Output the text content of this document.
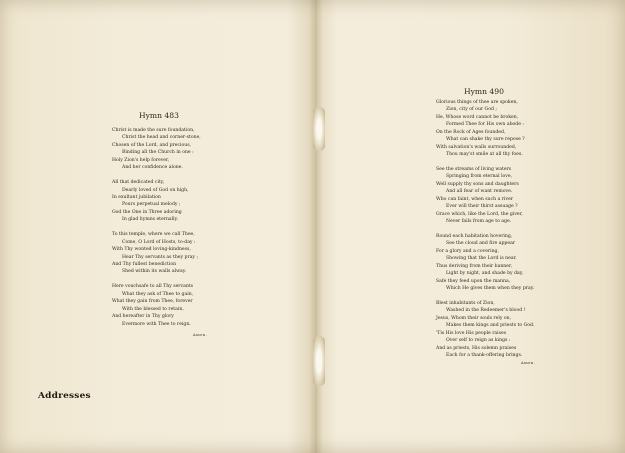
Hymn 483
Christ is made the sure foundation,
Christ the head and corner-stone,
Chosen of the Lord, and precious,
Binding all the Church in one :
Holy Zion's help forever,
And her confidence alone.
All that dedicated city,
Dearly loved of God on high,
In exultant jubilation
Pours perpetual melody ;
God the One in Three adoring
In glad hymns eternally.
To this temple, where we call Thee,
Come, O Lord of Hosts, to-day :
With Thy wonted loving-kindness,
Hear Thy servants as they pray ;
And Thy fullest benediction
Shed within its walls alway.
Here vouchsafe to all Thy servants
What they ask of Thee to gain,
What they gain from Thee, forever
With the blessed to retain,
And hereafter in Thy glory
Evermore with Thee to reign.
Amen.
Addresses
Hymn 490
Glorious things of thee are spoken,
Zion, city of our God ;
He, Whose word cannot be broken,
Formed Thee for His own abode :
On the Rock of Ages founded,
What can shake thy sure repose ?
With salvation's walls surrounded,
Thou may'st smile at all thy foes.
See the streams of living waters
Springing from eternal love,
Well supply thy sons and daughters
And all fear of want remove.
Who can faint, when such a river
Ever will their thirst assuage ?
Grace which, like the Lord, the giver,
Never fails from age to age.
Round each habitation hovering,
See the cloud and fire appear
For a glory and a covering,
Showing that the Lord is near.
Thus deriving from their banner,
Light by night, and shade by day,
Safe they feed upon the manna,
Which He gives them when they pray.
Blest inhabitants of Zion,
Washed in the Redeemer's blood !
Jesus, Whom their souls rely on,
Makes them kings and priests to God.
'Tis His love His people raises
Over self to reign as kings :
And as priests, His solemn praises
Each for a thank-offering brings.
Amen.
